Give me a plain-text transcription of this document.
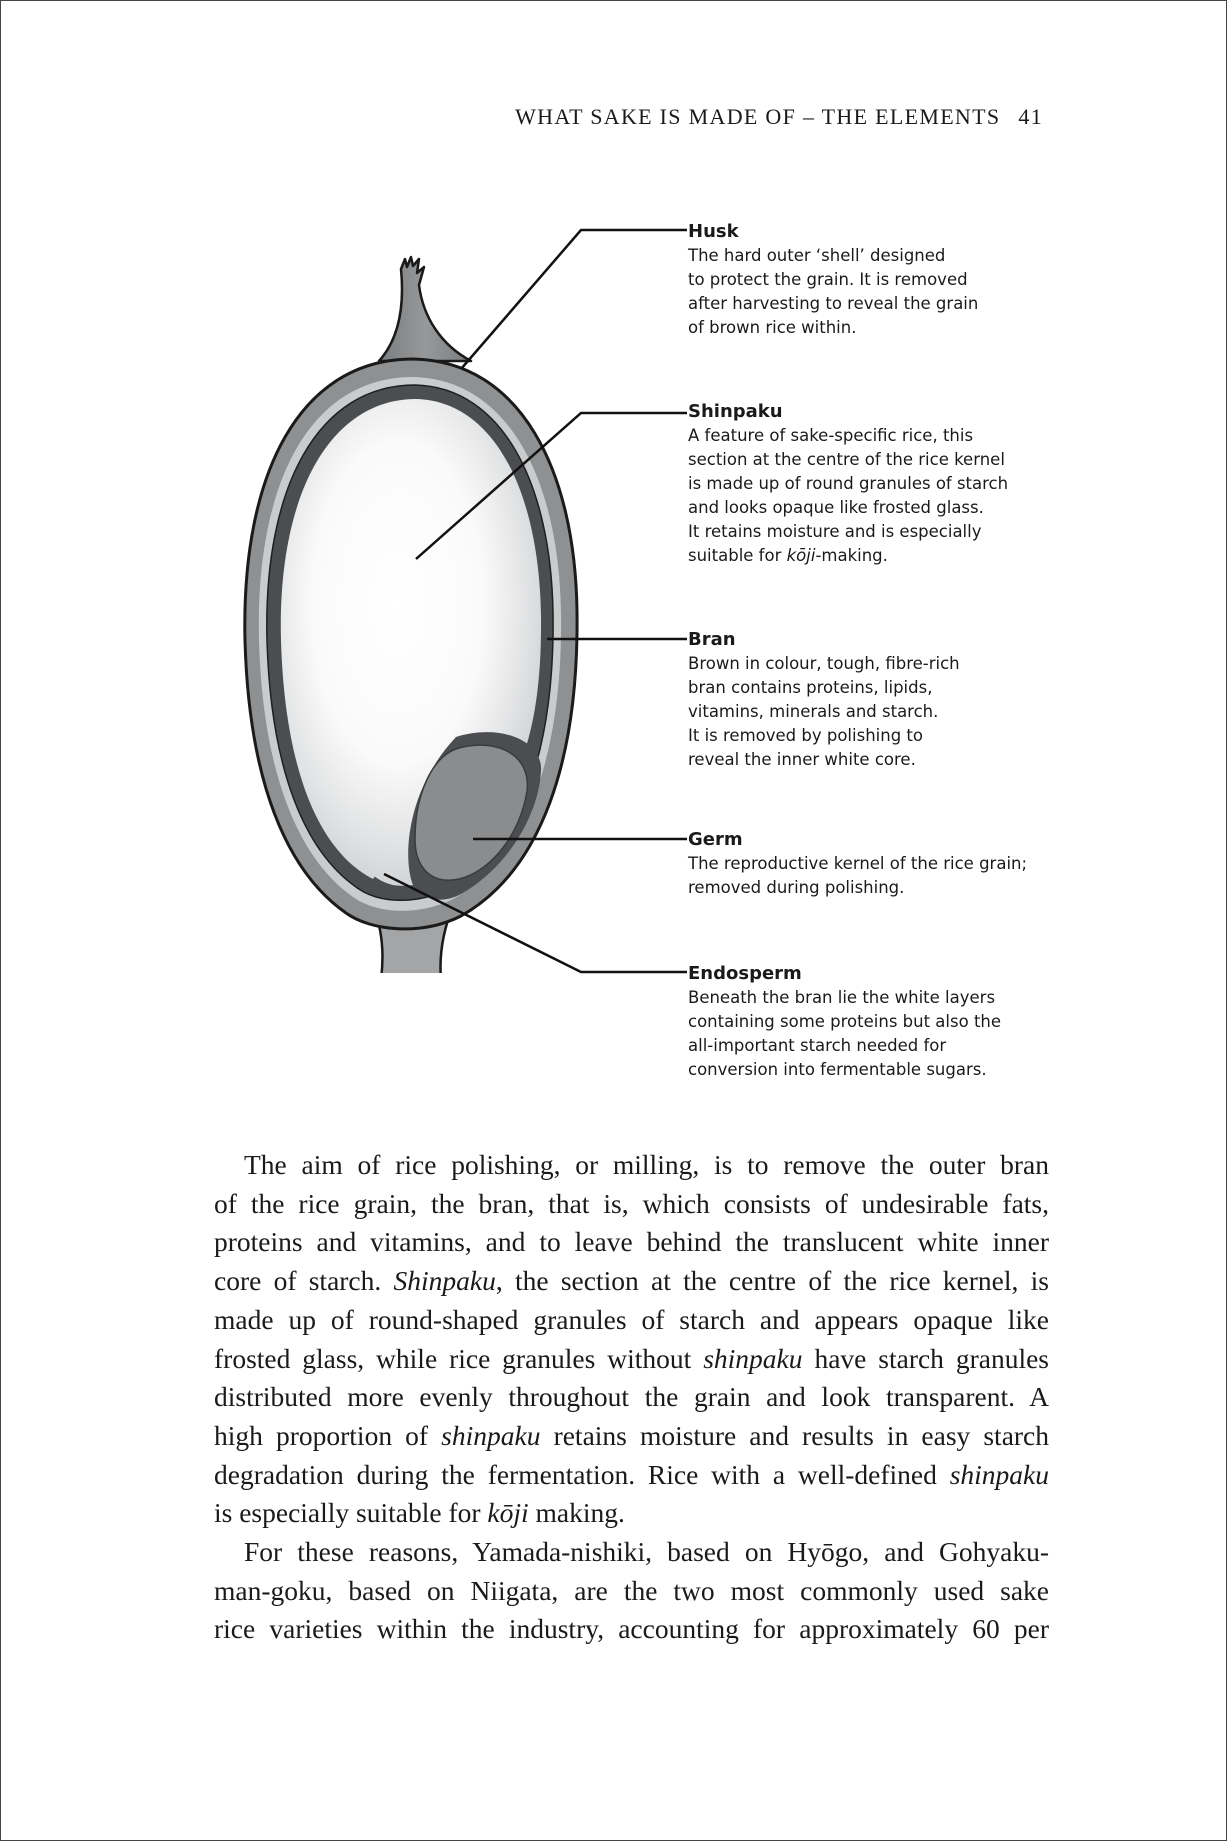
WHAT SAKE IS MADE OF – THE ELEMENTS 41
Husk
The hard outer ‘shell’ designed
to protect the grain. It is removed
after harvesting to reveal the grain
of brown rice within.
Shinpaku
A feature of sake-specific rice, this
section at the centre of the rice kernel
is made up of round granules of starch
and looks opaque like frosted glass.
It retains moisture and is especially
suitable for kōji-making.
Bran
Brown in colour, tough, fibre-rich
bran contains proteins, lipids,
vitamins, minerals and starch.
It is removed by polishing to
reveal the inner white core.
Germ
The reproductive kernel of the rice grain;
removed during polishing.
Endosperm
Beneath the bran lie the white layers
containing some proteins but also the
all-important starch needed for
conversion into fermentable sugars.
The aim of rice polishing, or milling, is to remove the outer bran
of the rice grain, the bran, that is, which consists of undesirable fats,
proteins and vitamins, and to leave behind the translucent white inner
core of starch. Shinpaku, the section at the centre of the rice kernel, is
made up of round-shaped granules of starch and appears opaque like
frosted glass, while rice granules without shinpaku have starch granules
distributed more evenly throughout the grain and look transparent. A
high proportion of shinpaku retains moisture and results in easy starch
degradation during the fermentation. Rice with a well-defined shinpaku
is especially suitable for kōji making.
For these reasons, Yamada-nishiki, based on Hyōgo, and Gohyaku-
man-goku, based on Niigata, are the two most commonly used sake
rice varieties within the industry, accounting for approximately 60 per
